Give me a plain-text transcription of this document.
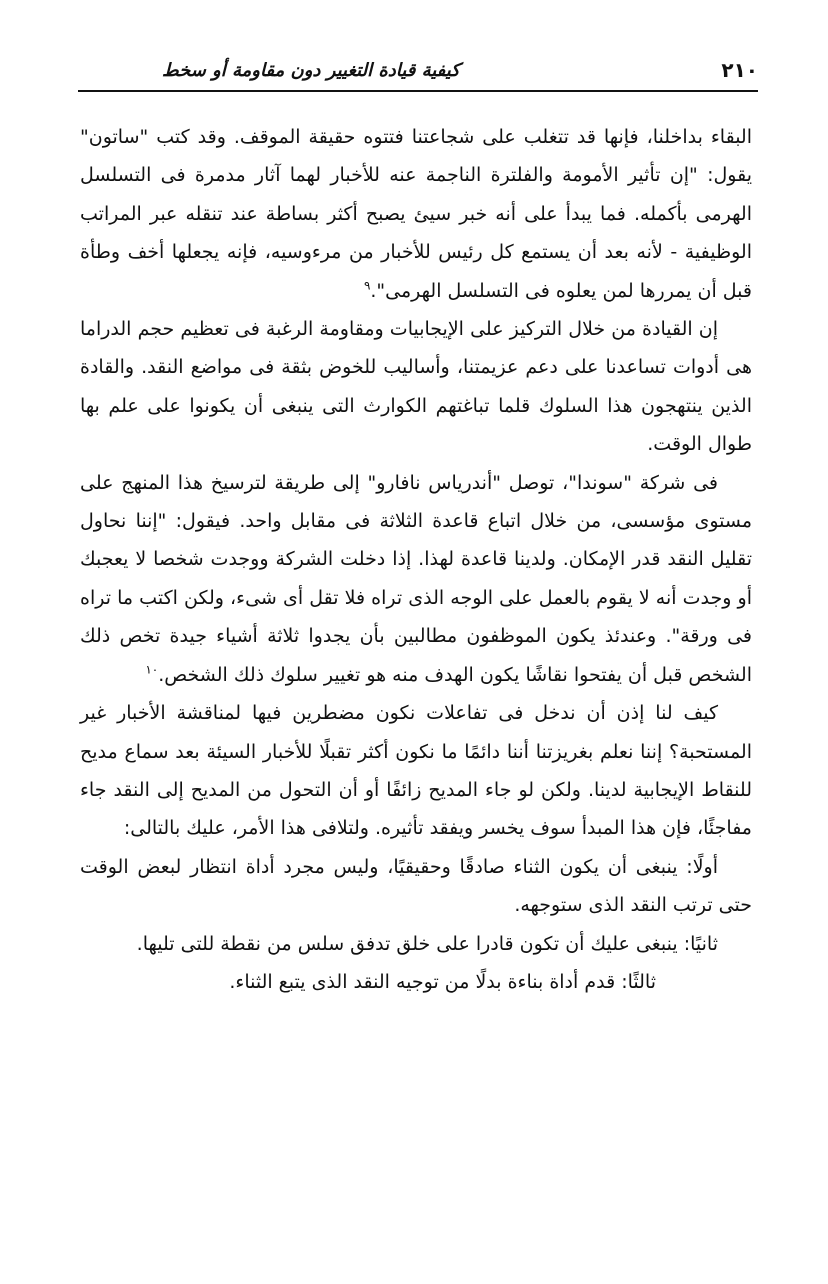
٢١٠
كيفية قيادة التغيير دون مقاومة أو سخط

البقاء بداخلنا، فإنها قد تتغلب على شجاعتنا فتتوه حقيقة الموقف. وقد كتب "ساتون" يقول: "إن تأثير الأمومة والفلترة الناجمة عنه للأخبار لهما آثار مدمرة فى التسلسل الهرمى بأكمله. فما يبدأ على أنه خبر سيئ يصبح أكثر بساطة عند تنقله عبر المراتب الوظيفية - لأنه بعد أن يستمع كل رئيس للأخبار من مرءوسيه، فإنه يجعلها أخف وطأة قبل أن يمررها لمن يعلوه فى التسلسل الهرمى".$^٩$

إن القيادة من خلال التركيز على الإيجابيات ومقاومة الرغبة فى تعظيم حجم الدراما هى أدوات تساعدنا على دعم عزيمتنا، وأساليب للخوض بثقة فى مواضع النقد. والقادة الذين ينتهجون هذا السلوك قلما تباغتهم الكوارث التى ينبغى أن يكونوا على علم بها طوال الوقت.

فى شركة "سوندا"، توصل "أندرياس نافارو" إلى طريقة لترسيخ هذا المنهج على مستوى مؤسسى، من خلال اتباع قاعدة الثلاثة فى مقابل واحد. فيقول: "إننا نحاول تقليل النقد قدر الإمكان. ولدينا قاعدة لهذا. إذا دخلت الشركة ووجدت شخصا لا يعجبك أو وجدت أنه لا يقوم بالعمل على الوجه الذى تراه فلا تقل أى شىء، ولكن اكتب ما تراه فى ورقة". وعندئذ يكون الموظفون مطالبين بأن يجدوا ثلاثة أشياء جيدة تخص ذلك الشخص قبل أن يفتحوا نقاشًا يكون الهدف منه هو تغيير سلوك ذلك الشخص.$^{١٠}$

كيف لنا إذن أن ندخل فى تفاعلات نكون مضطرين فيها لمناقشة الأخبار غير المستحبة؟ إننا نعلم بغريزتنا أننا دائمًا ما نكون أكثر تقبلًا للأخبار السيئة بعد سماع مديح للنقاط الإيجابية لدينا. ولكن لو جاء المديح زائفًا أو أن التحول من المديح إلى النقد جاء مفاجئًا، فإن هذا المبدأ سوف يخسر ويفقد تأثيره. ولتلافى هذا الأمر، عليك بالتالى:

أولًا: ينبغى أن يكون الثناء صادقًا وحقيقيًا، وليس مجرد أداة انتظار لبعض الوقت حتى ترتب النقد الذى ستوجهه.

ثانيًا: ينبغى عليك أن تكون قادرا على خلق تدفق سلس من نقطة للتى تليها.

ثالثًا: قدم أداة بناءة بدلًا من توجيه النقد الذى يتبع الثناء.
